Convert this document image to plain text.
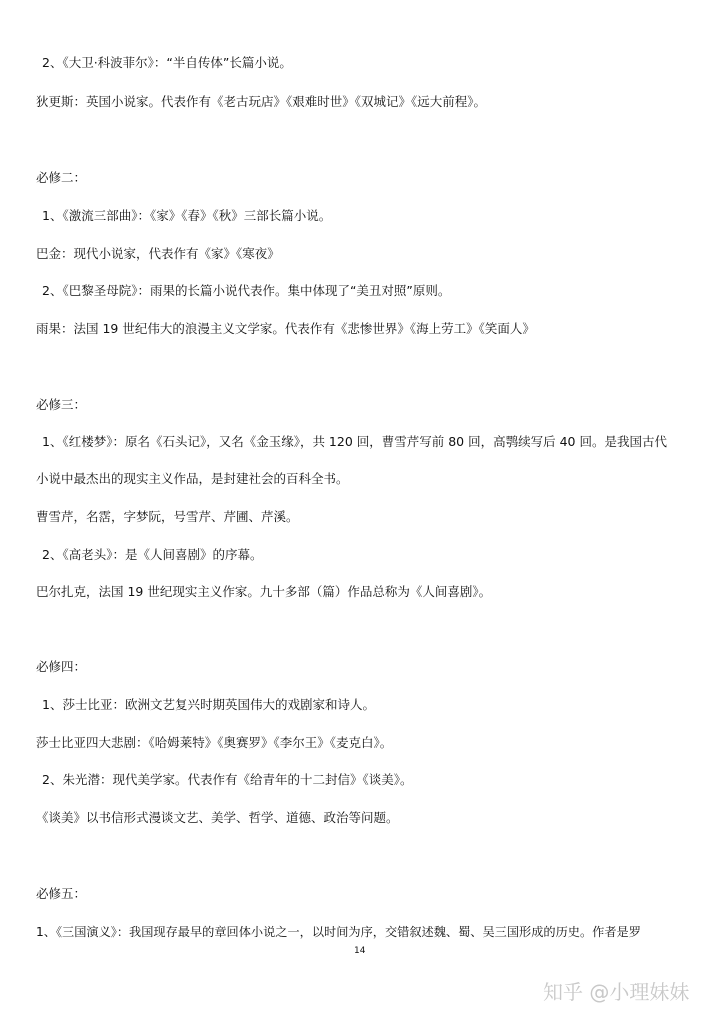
2、《大卫·科波菲尔》：“半自传体”长篇小说。
狄更斯：英国小说家。代表作有《老古玩店》《艰难时世》《双城记》《远大前程》。
必修二：
1、《激流三部曲》：《家》《春》《秋》三部长篇小说。
巴金：现代小说家，代表作有《家》《寒夜》
2、《巴黎圣母院》：雨果的长篇小说代表作。集中体现了“美丑对照”原则。
雨果：法国 19 世纪伟大的浪漫主义文学家。代表作有《悲惨世界》《海上劳工》《笑面人》
必修三：
1、《红楼梦》：原名《石头记》，又名《金玉缘》，共 120 回，曹雪芹写前 80 回，高鹗续写后 40 回。是我国古代
小说中最杰出的现实主义作品，是封建社会的百科全书。
曹雪芹，名霑，字梦阮，号雪芹、芹圃、芹溪。
2、《高老头》：是《人间喜剧》的序幕。
巴尔扎克，法国 19 世纪现实主义作家。九十多部（篇）作品总称为《人间喜剧》。
必修四：
1、莎士比亚：欧洲文艺复兴时期英国伟大的戏剧家和诗人。
莎士比亚四大悲剧：《哈姆莱特》《奥赛罗》《李尔王》《麦克白》。
2、朱光潜：现代美学家。代表作有《给青年的十二封信》《谈美》。
《谈美》以书信形式漫谈文艺、美学、哲学、道德、政治等问题。
必修五：
1、《三国演义》：我国现存最早的章回体小说之一，以时间为序，交错叙述魏、蜀、吴三国形成的历史。作者是罗
14
知乎 @小理妹妹
